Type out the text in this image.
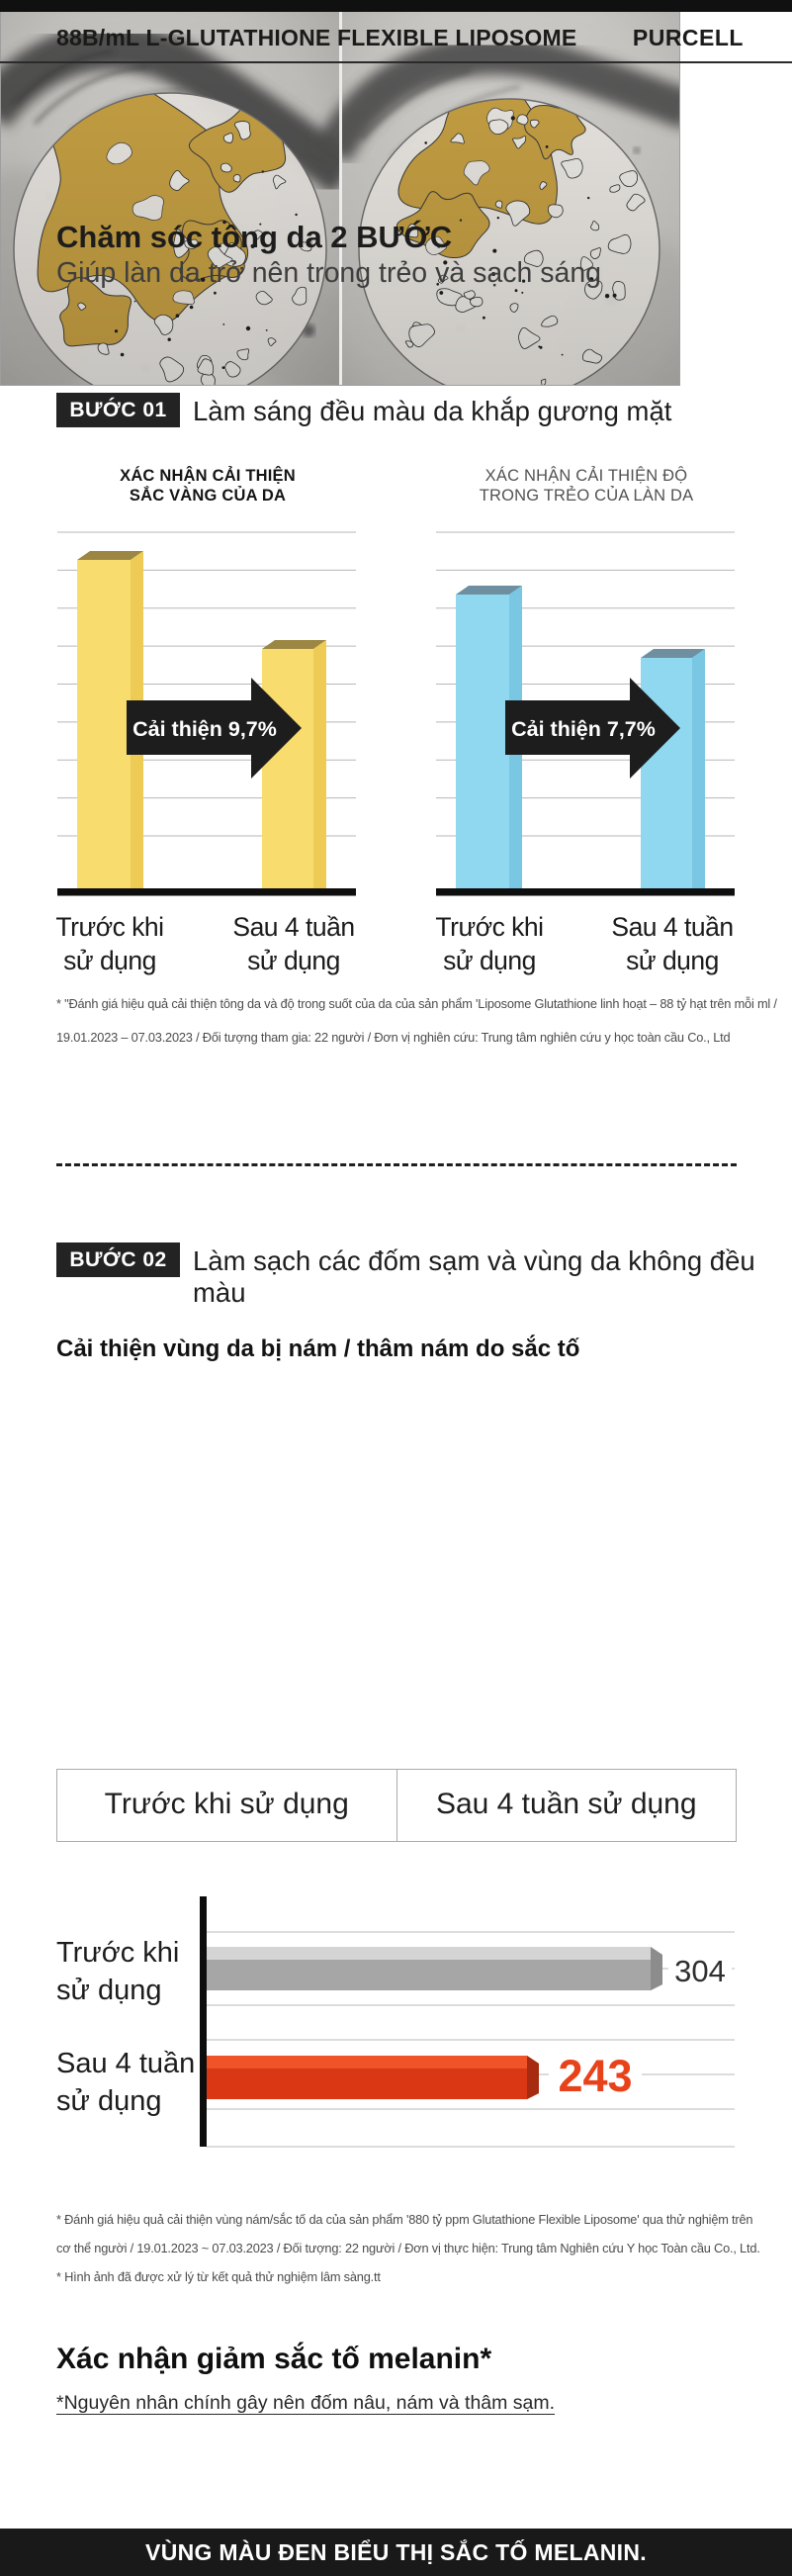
88B/mL L-GLUTATHIONE FLEXIBLE LIPOSOME PURCELL
Chăm sóc tông da 2 BƯỚC
Giúp làn da trở nên trong trẻo và sạch sáng
BƯỚC 01 Làm sáng đều màu da khắp gương mặt
XÁC NHẬN CẢI THIỆN
SẮC VÀNG CỦA DA
XÁC NHẬN CẢI THIỆN ĐỘ
TRONG TRẺO CỦA LÀN DA
Cải thiện 9,7%	Cải thiện 7,7%
Trước khi
sử dụng
Sau 4 tuần
sử dụng
Trước khi
sử dụng
Sau 4 tuần
sử dụng
* "Đánh giá hiệu quả cải thiện tông da và độ trong suốt của da của sản phẩm 'Liposome Glutathione linh hoạt – 88 tỷ hạt trên mỗi ml /
19.01.2023 – 07.03.2023 / Đối tượng tham gia: 22 người / Đơn vị nghiên cứu: Trung tâm nghiên cứu y học toàn cầu Co., Ltd
BƯỚC 02 Làm sạch các đốm sạm và vùng da không đều màu
Cải thiện vùng da bị nám / thâm nám do sắc tố
Trước khi sử dụng	Sau 4 tuần sử dụng
Trước khi
sử dụng
Sau 4 tuần
sử dụng
304
243
* Đánh giá hiệu quả cải thiện vùng nám/sắc tố da của sản phẩm '880 tỷ ppm Glutathione Flexible Liposome' qua thử nghiệm trên
cơ thể người / 19.01.2023 ~ 07.03.2023 / Đối tượng: 22 người / Đơn vị thực hiện: Trung tâm Nghiên cứu Y học Toàn cầu Co., Ltd.
* Hình ảnh đã được xử lý từ kết quả thử nghiệm lâm sàng.tt
Xác nhận giảm sắc tố melanin*
*Nguyên nhân chính gây nên đốm nâu, nám và thâm sạm.
VÙNG MÀU ĐEN BIỂU THỊ SẮC TỐ MELANIN.
